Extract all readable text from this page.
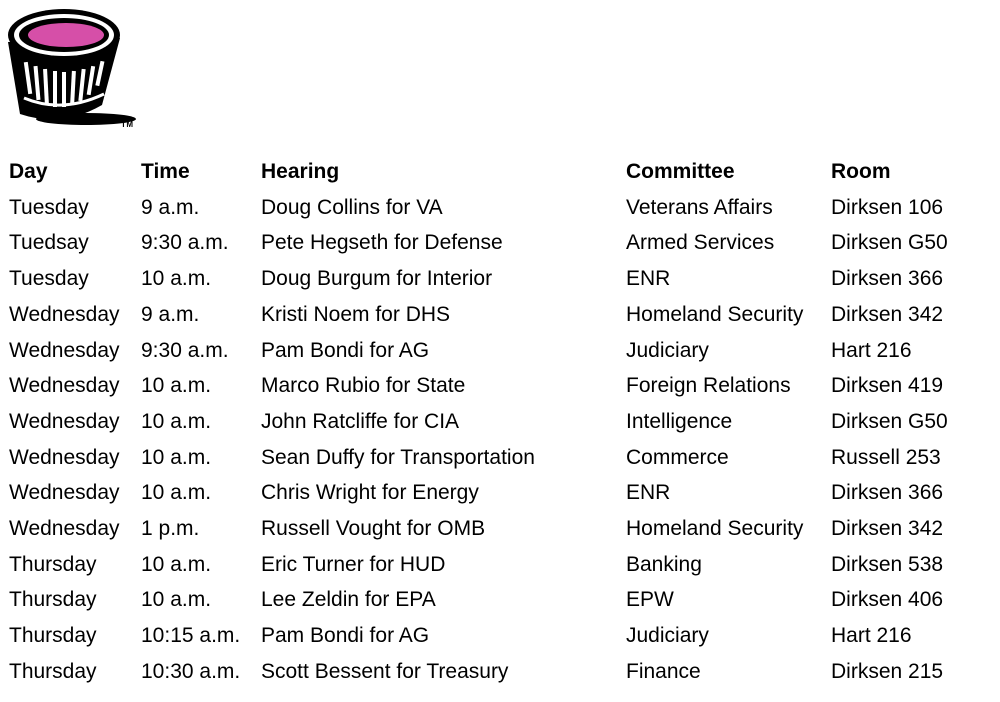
TM
Day	Time	Hearing	Committee	Room
Tuesday	9 a.m.	Doug Collins for VA	Veterans Affairs	Dirksen 106
Tuedsay	9:30 a.m.	Pete Hegseth for Defense	Armed Services	Dirksen G50
Tuesday	10 a.m.	Doug Burgum for Interior	ENR	Dirksen 366
Wednesday	9 a.m.	Kristi Noem for DHS	Homeland Security	Dirksen 342
Wednesday	9:30 a.m.	Pam Bondi for AG	Judiciary	Hart 216
Wednesday	10 a.m.	Marco Rubio for State	Foreign Relations	Dirksen 419
Wednesday	10 a.m.	John Ratcliffe for CIA	Intelligence	Dirksen G50
Wednesday	10 a.m.	Sean Duffy for Transportation	Commerce	Russell 253
Wednesday	10 a.m.	Chris Wright for Energy	ENR	Dirksen 366
Wednesday	1 p.m.	Russell Vought for OMB	Homeland Security	Dirksen 342
Thursday	10 a.m.	Eric Turner for HUD	Banking	Dirksen 538
Thursday	10 a.m.	Lee Zeldin for EPA	EPW	Dirksen 406
Thursday	10:15 a.m.	Pam Bondi for AG	Judiciary	Hart 216
Thursday	10:30 a.m.	Scott Bessent for Treasury	Finance	Dirksen 215
